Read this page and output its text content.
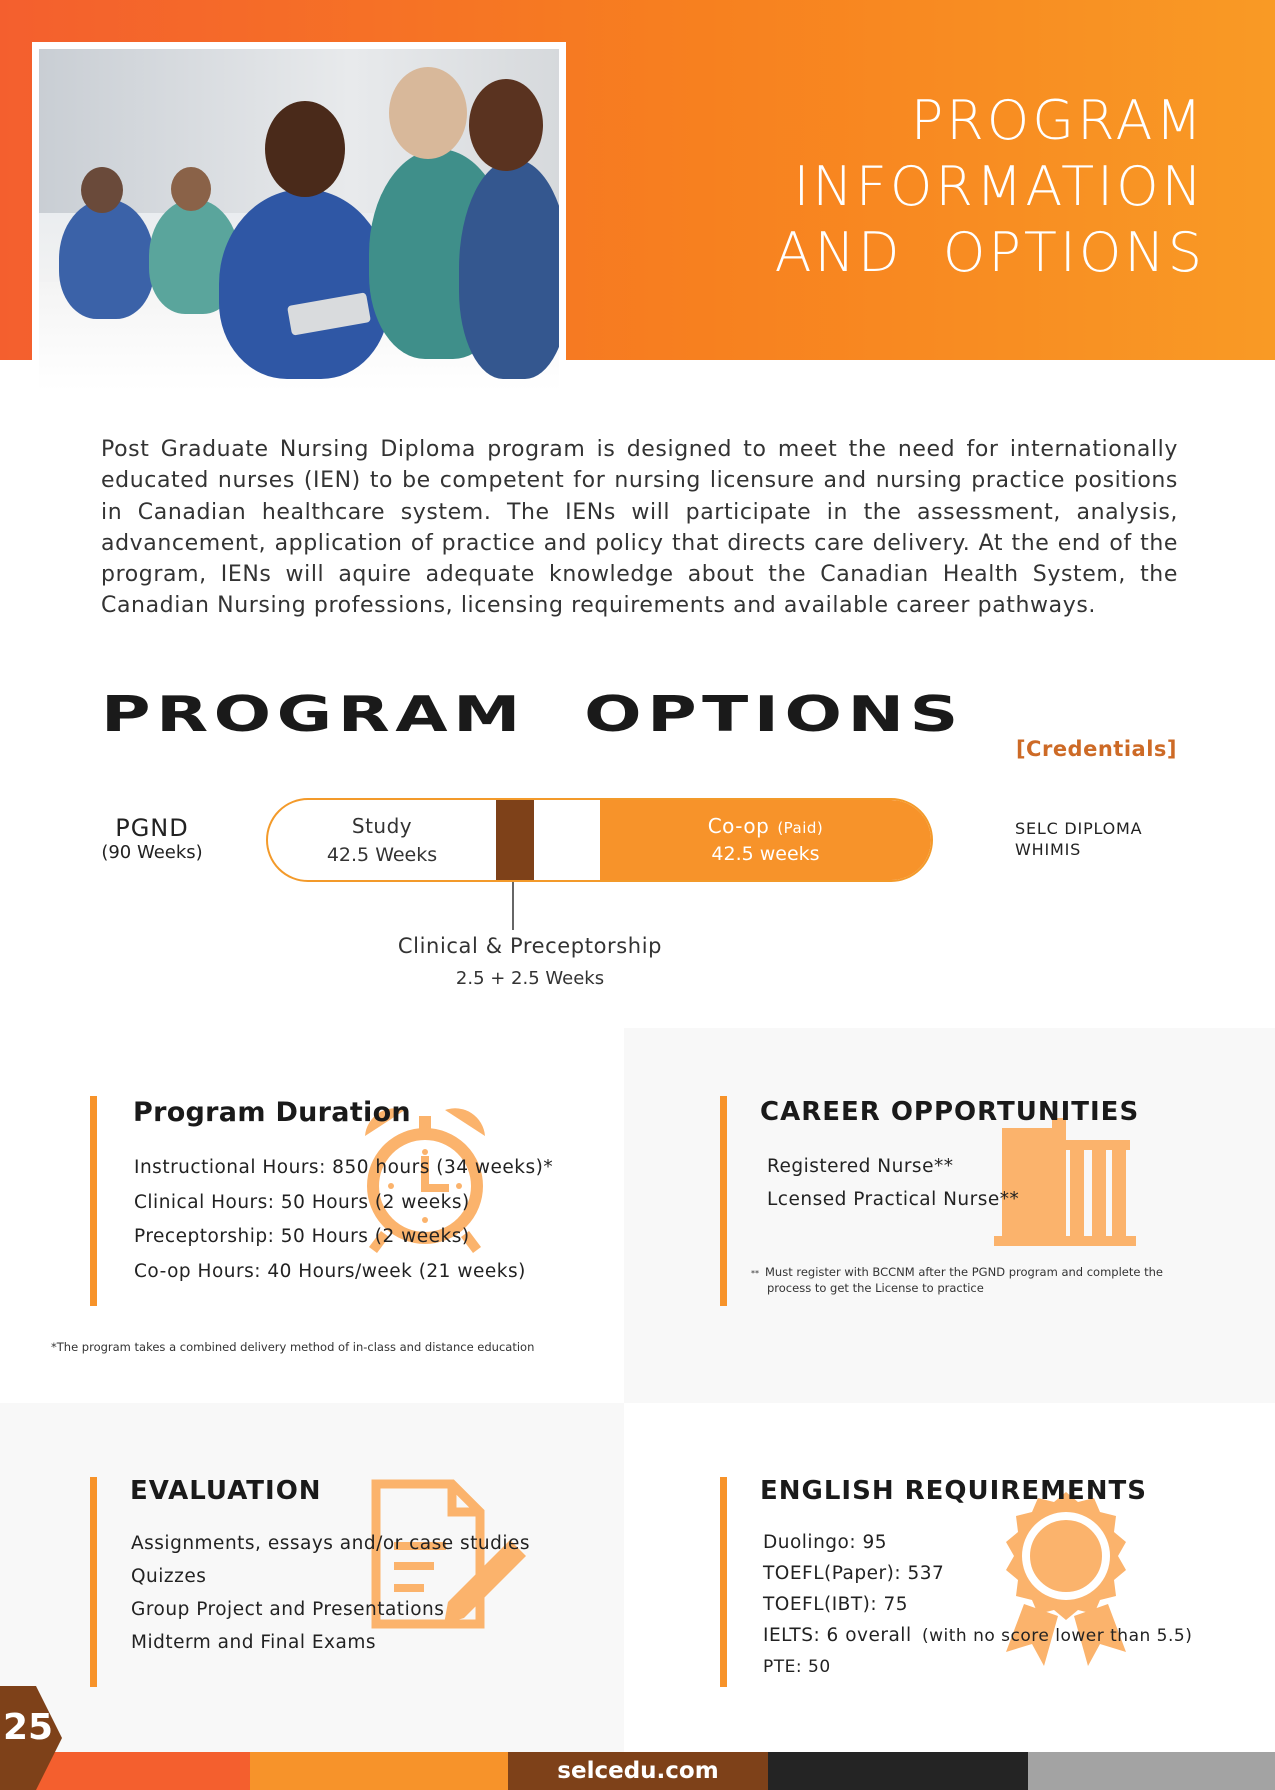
PROGRAM
INFORMATION
AND  OPTIONS

Post Graduate Nursing Diploma program is designed to meet the need for internationally educated nurses (IEN) to be competent for nursing licensure and nursing practice positions in Canadian healthcare system. The IENs will participate in the assessment, analysis, advancement, application of practice and policy that directs care delivery. At the end of the program, IENs will aquire adequate knowledge about the Canadian Health System, the Canadian Nursing professions, licensing requirements and available career pathways.

PROGRAM  OPTIONS
[Credentials]
PGND
(90 Weeks)
Study
42.5 Weeks
Co-op (Paid)
42.5 weeks
Clinical & Preceptorship
2.5 + 2.5 Weeks
SELC DIPLOMA
WHIMIS
Program Duration
Instructional Hours: 850 hours (34 weeks)*
Clinical Hours: 50 Hours (2 weeks)
Preceptorship: 50 Hours (2 weeks)
Co-op Hours: 40 Hours/week (21 weeks)
*The program takes a combined delivery method of in-class and distance education
CAREER OPPORTUNITIES
Registered Nurse**
Lcensed Practical Nurse**
** Must register with BCCNM after the PGND program and complete the
process to get the License to practice
EVALUATION
Assignments, essays and/or case studies
Quizzes
Group Project and Presentations
Midterm and Final Exams
ENGLISH REQUIREMENTS
Duolingo: 95
TOEFL(Paper): 537
TOEFL(IBT): 75
IELTS: 6 overall (with no score lower than 5.5)
PTE: 50
selcedu.com
25
